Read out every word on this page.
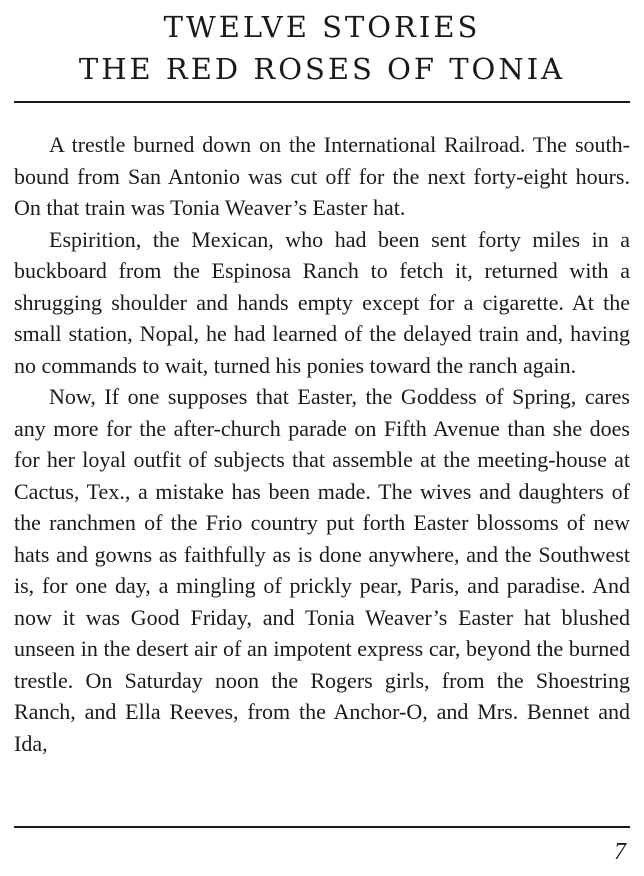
TWELVE STORIES
THE RED ROSES OF TONIA

A trestle burned down on the International Railroad. The south-bound from San Antonio was cut off for the next forty-eight hours. On that train was Tonia Weaver’s Easter hat.

Espirition, the Mexican, who had been sent forty miles in a buckboard from the Espinosa Ranch to fetch it, returned with a shrugging shoulder and hands empty except for a cigarette. At the small station, Nopal, he had learned of the delayed train and, having no commands to wait, turned his ponies toward the ranch again.

Now, If one supposes that Easter, the Goddess of Spring, cares any more for the after-church parade on Fifth Avenue than she does for her loyal outfit of subjects that assemble at the meeting-house at Cactus, Tex., a mistake has been made. The wives and daughters of the ranchmen of the Frio country put forth Easter blossoms of new hats and gowns as faithfully as is done anywhere, and the Southwest is, for one day, a mingling of prickly pear, Paris, and paradise. And now it was Good Friday, and Tonia Weaver’s Easter hat blushed unseen in the desert air of an impotent express car, beyond the burned trestle. On Saturday noon the Rogers girls, from the Shoestring Ranch, and Ella Reeves, from the Anchor-O, and Mrs. Bennet and Ida,

7
